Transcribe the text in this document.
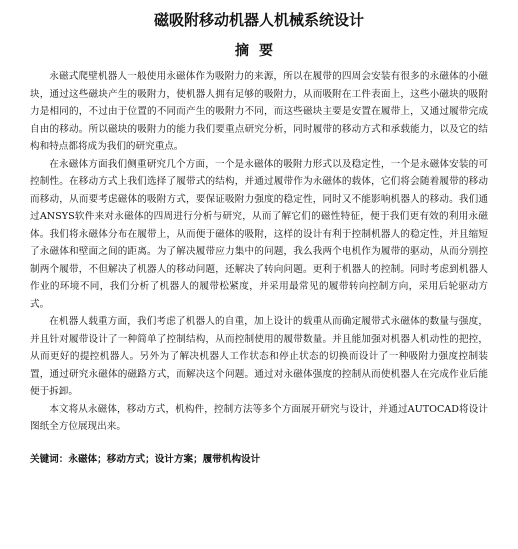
磁吸附移动机器人机械系统设计
摘要

永磁式爬壁机器人一般使用永磁体作为吸附力的来源，所以在履带的四周会安装有很多的永磁体的小磁块，通过这些磁块产生的吸附力，使机器人拥有足够的吸附力，从而吸附在工件表面上，这些小磁块的吸附力是相同的，不过由于位置的不同而产生的吸附力不同，而这些磁块主要是安置在履带上，又通过履带完成自由的移动。所以磁块的吸附力的能力我们要重点研究分析，同时履带的移动方式和承载能力，以及它的结构和特点都将成为我们的研究重点。

在永磁体方面我们侧重研究几个方面，一个是永磁体的吸附力形式以及稳定性，一个是永磁体安装的可控制性。在移动方式上我们选择了履带式的结构，并通过履带作为永磁体的载体，它们将会随着履带的移动而移动，从而要考虑磁体的吸附方式，要保证吸附力强度的稳定性，同时又不能影响机器人的移动。我们通过ANSYS软件来对永磁体的四周进行分析与研究，从而了解它们的磁性特征，便于我们更有效的利用永磁体。我们将永磁体分布在履带上，从而便于磁体的吸附，这样的设计有利于控制机器人的稳定性，并且缩短了永磁体和壁面之间的距离。为了解决履带应力集中的问题，我么我两个电机作为履带的驱动，从而分别控制两个履带，不但解决了机器人的移动问题，还解决了转向问题。更利于机器人的控制。同时考虑到机器人作业的环境不同，我们分析了机器人的履带松紧度，并采用最常见的履带转向控制方向，采用后轮驱动方式。

在机器人载重方面，我们考虑了机器人的自重，加上设计的载重从而确定履带式永磁体的数量与强度，并且针对履带设计了一种简单了控制结构，从而控制使用的履带数量。并且能加强对机器人机动性的把控，从而更好的提控机器人。另外为了解决机器人工作状态和停止状态的切换而设计了一种吸附力强度控制装置，通过研究永磁体的磁路方式，而解决这个问题。通过对永磁体强度的控制从而使机器人在完成作业后能便于拆卸。

本文将从永磁体，移动方式，机构件，控制方法等多个方面展开研究与设计，并通过AUTOCAD将设计图纸全方位展现出来。

关键词：永磁体；移动方式；设计方案；履带机构设计
